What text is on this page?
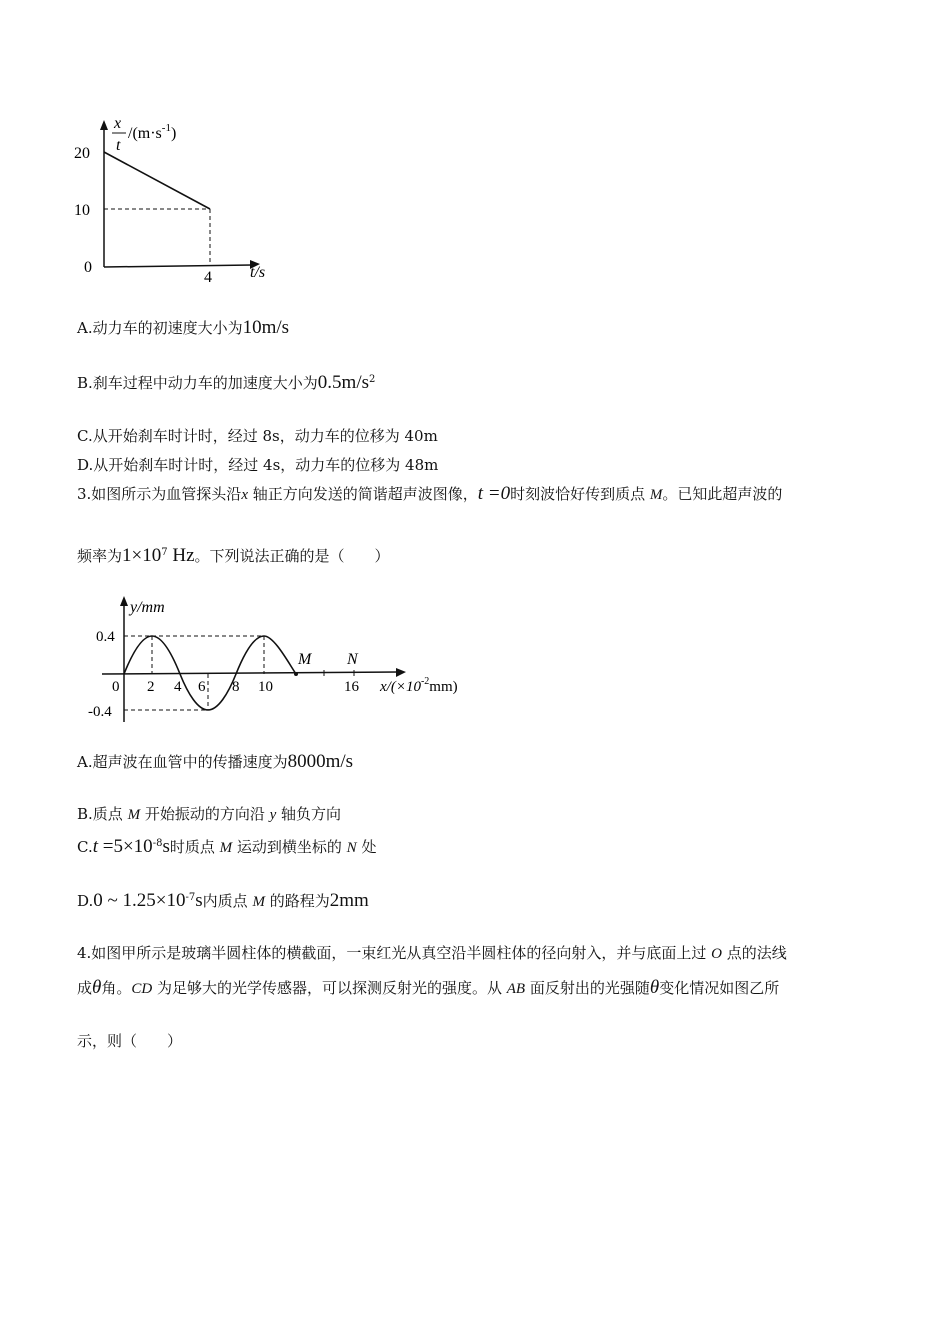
20
10
0
4
x
t
$/(m\cdot s^{-1})$
t/s
A.动力车的初速度大小为10m/s
B.刹车过程中动力车的加速度大小为$0.5m/s^2$
C.从开始刹车时计时，经过 8s，动力车的位移为 40m
D.从开始刹车时计时，经过 4s，动力车的位移为 48m
3.如图所示为血管探头沿x 轴正方向发送的简谐超声波图像，t =0时刻波恰好传到质点 M。已知此超声波的
频率为$1\times 10^7$ Hz。下列说法正确的是（　　）
M N
0.4
-0.4
0 2 4 6 8 10	16
y/mm
$x/(\times 10^{-2}mm)$
A.超声波在血管中的传播速度为8000m/s
B.质点 M 开始振动的方向沿 y 轴负方向
$C.t =5\times 10^{-8}s$时质点 M 运动到横坐标的 N 处
D.0 ~ $1.25\times 10^{-7}s$内质点 M 的路程为2mm
4.如图甲所示是玻璃半圆柱体的横截面，一束红光从真空沿半圆柱体的径向射入，并与底面上过 O 点的法线
成θ角。CD 为足够大的光学传感器，可以探测反射光的强度。从 AB 面反射出的光强随θ变化情况如图乙所
示，则（　　）
